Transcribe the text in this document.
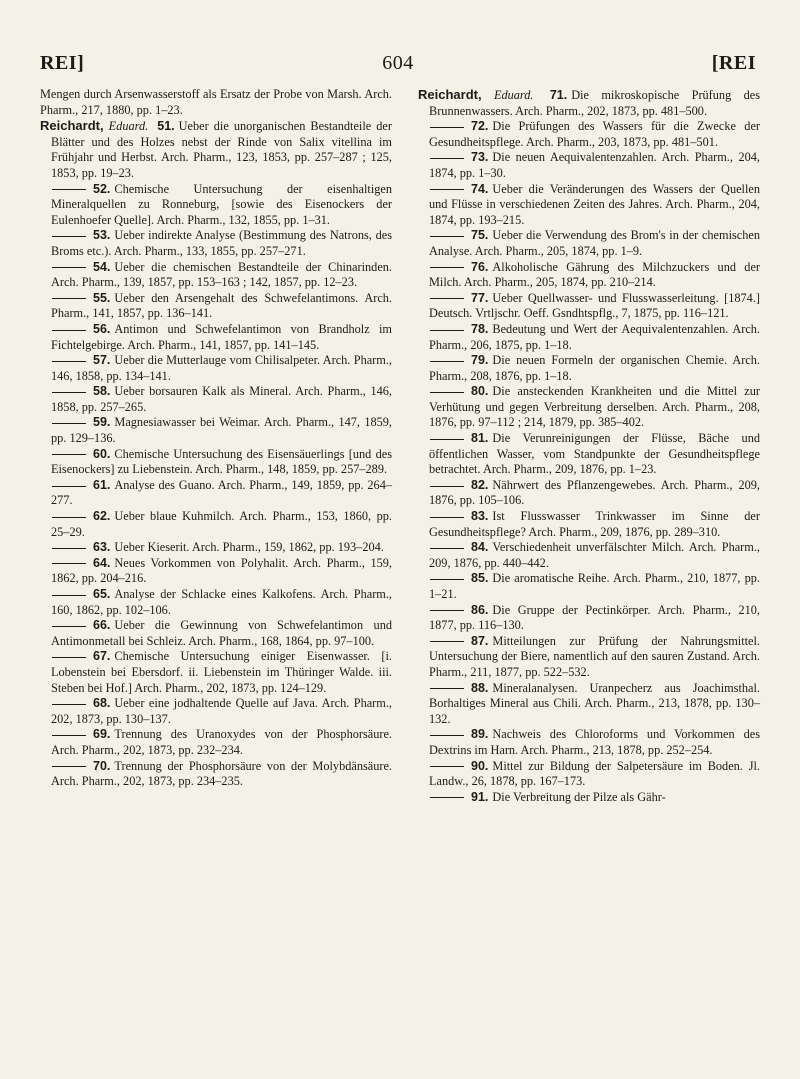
REI]	604	[REI

Mengen durch Arsenwasserstoff als Ersatz der Probe von Marsh. Arch. Pharm., 217, 1880, pp. 1–23.

Reichardt, Eduard. 51. Ueber die unorganischen Bestandteile der Blätter und des Holzes nebst der Rinde von Salix vitellina im Frühjahr und Herbst. Arch. Pharm., 123, 1853, pp. 257–287 ; 125, 1853, pp. 19–23.

52. Chemische Untersuchung der eisenhaltigen Mineralquellen zu Ronneburg, [sowie des Eisenockers der Eulenhoefer Quelle]. Arch. Pharm., 132, 1855, pp. 1–31.

53. Ueber indirekte Analyse (Bestimmung des Natrons, des Broms etc.). Arch. Pharm., 133, 1855, pp. 257–271.

54. Ueber die chemischen Bestandteile der Chinarinden. Arch. Pharm., 139, 1857, pp. 153–163 ; 142, 1857, pp. 12–23.

55. Ueber den Arsengehalt des Schwefelantimons. Arch. Pharm., 141, 1857, pp. 136–141.

56. Antimon und Schwefelantimon von Brandholz im Fichtelgebirge. Arch. Pharm., 141, 1857, pp. 141–145.

57. Ueber die Mutterlauge vom Chilisalpeter. Arch. Pharm., 146, 1858, pp. 134–141.

58. Ueber borsauren Kalk als Mineral. Arch. Pharm., 146, 1858, pp. 257–265.

59. Magnesiawasser bei Weimar. Arch. Pharm., 147, 1859, pp. 129–136.

60. Chemische Untersuchung des Eisensäuerlings [und des Eisenockers] zu Liebenstein. Arch. Pharm., 148, 1859, pp. 257–289.

61. Analyse des Guano. Arch. Pharm., 149, 1859, pp. 264–277.

62. Ueber blaue Kuhmilch. Arch. Pharm., 153, 1860, pp. 25–29.

63. Ueber Kieserit. Arch. Pharm., 159, 1862, pp. 193–204.

64. Neues Vorkommen von Polyhalit. Arch. Pharm., 159, 1862, pp. 204–216.

65. Analyse der Schlacke eines Kalkofens. Arch. Pharm., 160, 1862, pp. 102–106.

66. Ueber die Gewinnung von Schwefelantimon und Antimonmetall bei Schleiz. Arch. Pharm., 168, 1864, pp. 97–100.

67. Chemische Untersuchung einiger Eisenwasser. [i. Lobenstein bei Ebersdorf. ii. Liebenstein im Thüringer Walde. iii. Steben bei Hof.] Arch. Pharm., 202, 1873, pp. 124–129.

68. Ueber eine jodhaltende Quelle auf Java. Arch. Pharm., 202, 1873, pp. 130–137.

69. Trennung des Uranoxydes von der Phosphorsäure. Arch. Pharm., 202, 1873, pp. 232–234.

70. Trennung der Phosphorsäure von der Molybdänsäure. Arch. Pharm., 202, 1873, pp. 234–235.

Reichardt, Eduard. 71. Die mikroskopische Prüfung des Brunnenwassers. Arch. Pharm., 202, 1873, pp. 481–500.

72. Die Prüfungen des Wassers für die Zwecke der Gesundheitspflege. Arch. Pharm., 203, 1873, pp. 481–501.

73. Die neuen Aequivalentenzahlen. Arch. Pharm., 204, 1874, pp. 1–30.

74. Ueber die Veränderungen des Wassers der Quellen und Flüsse in verschiedenen Zeiten des Jahres. Arch. Pharm., 204, 1874, pp. 193–215.

75. Ueber die Verwendung des Brom's in der chemischen Analyse. Arch. Pharm., 205, 1874, pp. 1–9.

76. Alkoholische Gährung des Milchzuckers und der Milch. Arch. Pharm., 205, 1874, pp. 210–214.

77. Ueber Quellwasser- und Flusswasserleitung. [1874.] Deutsch. Vrtljschr. Oeff. Gsndhtspflg., 7, 1875, pp. 116–121.

78. Bedeutung und Wert der Aequivalentenzahlen. Arch. Pharm., 206, 1875, pp. 1–18.

79. Die neuen Formeln der organischen Chemie. Arch. Pharm., 208, 1876, pp. 1–18.

80. Die ansteckenden Krankheiten und die Mittel zur Verhütung und gegen Verbreitung derselben. Arch. Pharm., 208, 1876, pp. 97–112 ; 214, 1879, pp. 385–402.

81. Die Verunreinigungen der Flüsse, Bäche und öffentlichen Wasser, vom Standpunkte der Gesundheitspflege betrachtet. Arch. Pharm., 209, 1876, pp. 1–23.

82. Nährwert des Pflanzengewebes. Arch. Pharm., 209, 1876, pp. 105–106.

83. Ist Flusswasser Trinkwasser im Sinne der Gesundheitspflege? Arch. Pharm., 209, 1876, pp. 289–310.

84. Verschiedenheit unverfälschter Milch. Arch. Pharm., 209, 1876, pp. 440–442.

85. Die aromatische Reihe. Arch. Pharm., 210, 1877, pp. 1–21.

86. Die Gruppe der Pectinkörper. Arch. Pharm., 210, 1877, pp. 116–130.

87. Mitteilungen zur Prüfung der Nahrungsmittel. Untersuchung der Biere, namentlich auf den sauren Zustand. Arch. Pharm., 211, 1877, pp. 522–532.

88. Mineralanalysen. Uranpecherz aus Joachimsthal. Borhaltiges Mineral aus Chili. Arch. Pharm., 213, 1878, pp. 130–132.

89. Nachweis des Chloroforms und Vorkommen des Dextrins im Harn. Arch. Pharm., 213, 1878, pp. 252–254.

90. Mittel zur Bildung der Salpetersäure im Boden. Jl. Landw., 26, 1878, pp. 167–173.

91. Die Verbreitung der Pilze als Gähr-
